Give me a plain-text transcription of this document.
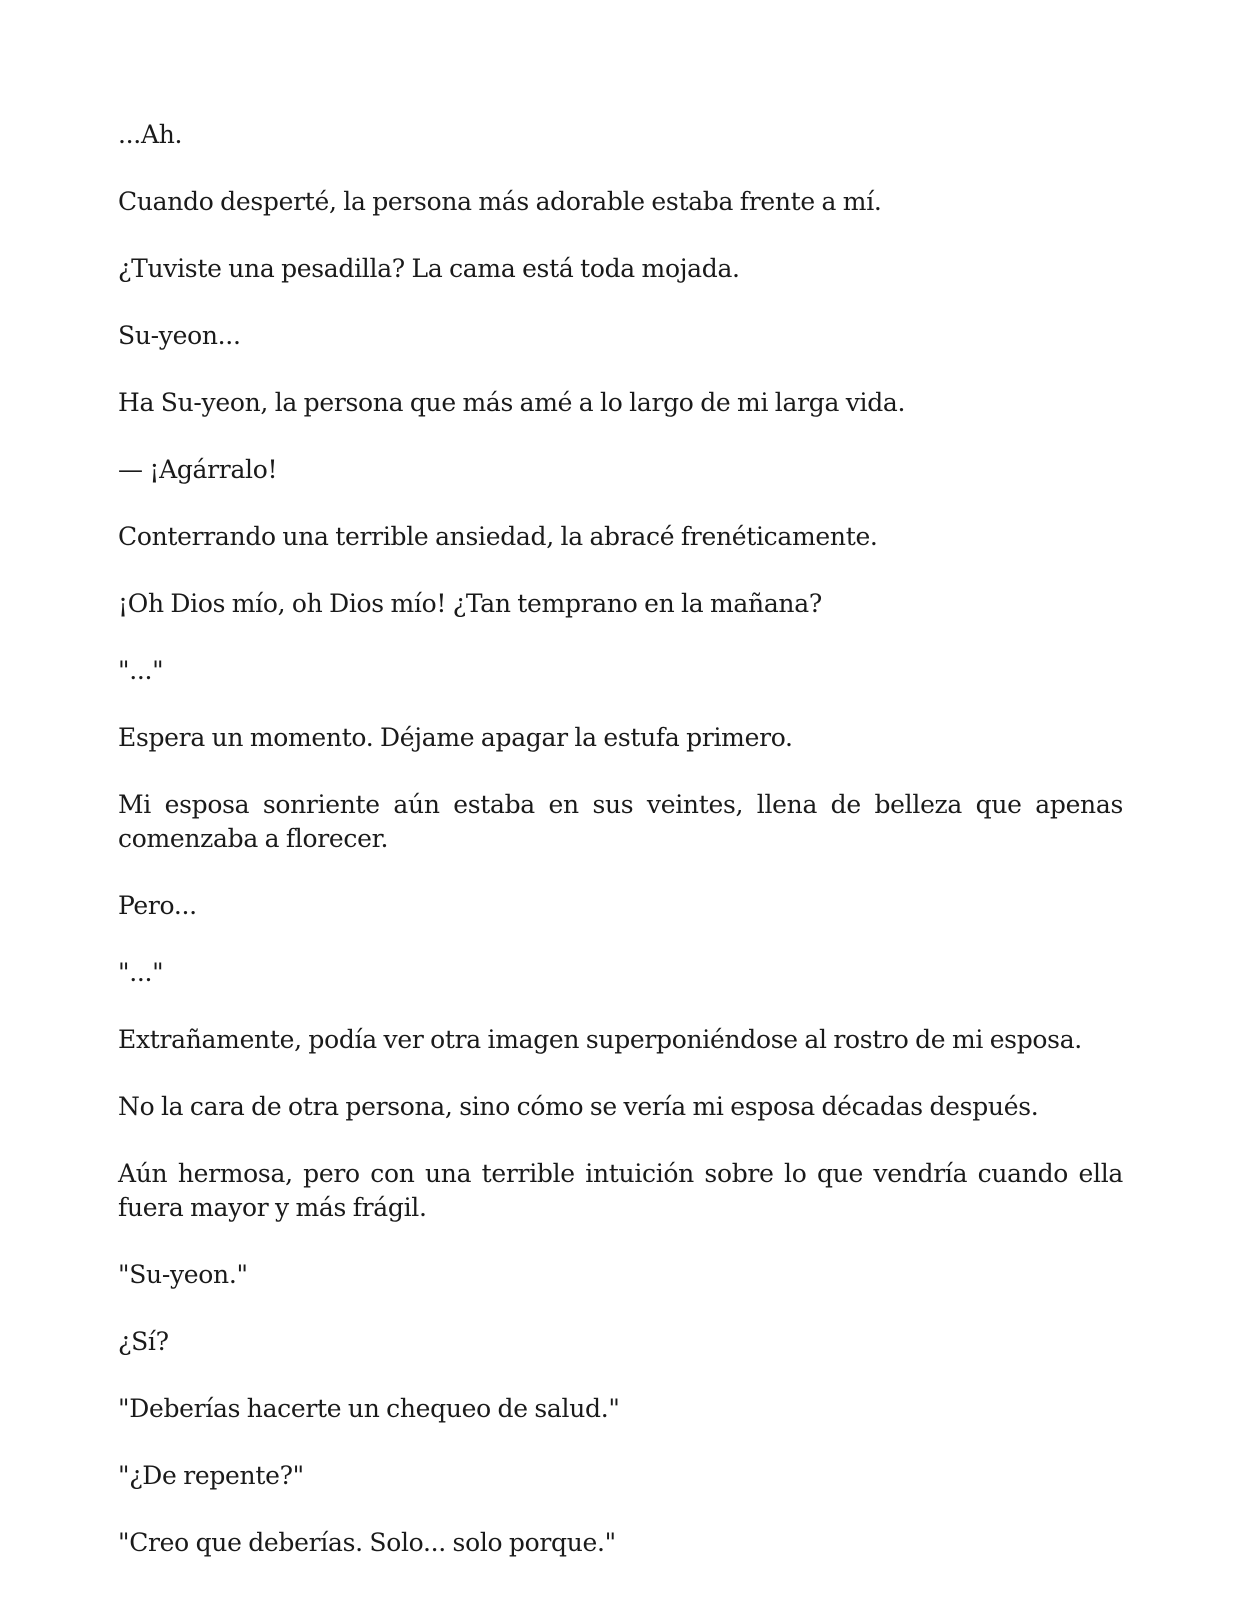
...Ah.

Cuando desperté, la persona más adorable estaba frente a mí.

¿Tuviste una pesadilla? La cama está toda mojada.

Su-yeon...

Ha Su-yeon, la persona que más amé a lo largo de mi larga vida.

— ¡Agárralo!

Conterrando una terrible ansiedad, la abracé frenéticamente.

¡Oh Dios mío, oh Dios mío! ¿Tan temprano en la mañana?

"..."

Espera un momento. Déjame apagar la estufa primero.

Mi esposa sonriente aún estaba en sus veintes, llena de belleza que apenas comenzaba a florecer.

Pero...

"..."

Extrañamente, podía ver otra imagen superponiéndose al rostro de mi esposa.

No la cara de otra persona, sino cómo se vería mi esposa décadas después.

Aún hermosa, pero con una terrible intuición sobre lo que vendría cuando ella fuera mayor y más frágil.

"Su-yeon."

¿Sí?

"Deberías hacerte un chequeo de salud."

"¿De repente?"

"Creo que deberías. Solo... solo porque."
